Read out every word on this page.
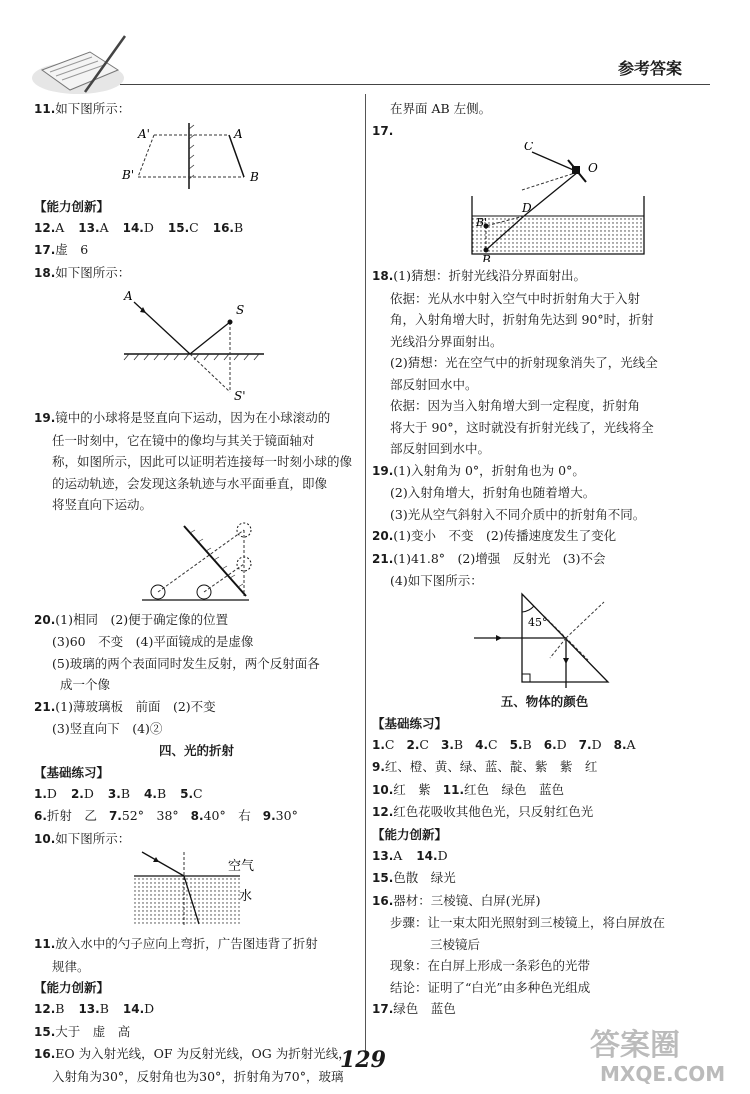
参考答案
11.如下图所示：
A'	A
B'	B
【能力创新】
12.A 13.A 14.D 15.C 16.B
17.虚　6
18.如下图所示：
A
S
S'
19.镜中的小球将是竖直向下运动，因为在小球滚动的
任一时刻中，它在镜中的像均与其关于镜面轴对
称，如图所示，因此可以证明若连接每一时刻小球的像
的运动轨迹，会发现这条轨迹与水平面垂直，即像
将竖直向下运动。
20.(1)相同　(2)便于确定像的位置
(3)60　不变　(4)平面镜成的是虚像
(5)玻璃的两个表面同时发生反射，两个反射面各
成一个像
21.(1)薄玻璃板　前面　(2)不变
(3)竖直向下　(4)②
四、光的折射
【基础练习】
1.D 2.D 3.B 4.B 5.C
6.折射　乙 7.52°　38° 8.40°　右 9.30°
10.如下图所示：
空气
水
11.放入水中的勺子应向上弯折，广告图违背了折射
规律。
【能力创新】
12.B 13.B 14.D
15.大于　虚　高
16.EO 为入射光线，OF 为反射光线，OG 为折射光线，
入射角为30°，反射角也为30°，折射角为70°，玻璃
在界面 AB 左侧。
17.
C
O
D
B'
B
18.(1)猜想：折射光线沿分界面射出。
依据：光从水中射入空气中时折射角大于入射
角，入射角增大时，折射角先达到 90°时，折射
光线沿分界面射出。
(2)猜想：光在空气中的折射现象消失了，光线全
部反射回水中。
依据：因为当入射角增大到一定程度，折射角
将大于 90°，这时就没有折射光线了，光线将全
部反射回到水中。
19.(1)入射角为 0°，折射角也为 0°。
(2)入射角增大，折射角也随着增大。
(3)光从空气斜射入不同介质中的折射角不同。
20.(1)变小　不变　(2)传播速度发生了变化
21.(1)41.8°　(2)增强　反射光　(3)不会
(4)如下图所示：
45°
五、物体的颜色
【基础练习】
1.C 2.C 3.B 4.C 5.B 6.D 7.D 8.A
9.红、橙、黄、绿、蓝、靛、紫　紫　红
10.红　紫 11.红色　绿色　蓝色
12.红色花吸收其他色光，只反射红色光
【能力创新】
13.A 14.D
15.色散　绿光
16.器材：三棱镜、白屏(光屏)
步骤：让一束太阳光照射到三棱镜上，将白屏放在
三棱镜后
现象：在白屏上形成一条彩色的光带
结论：证明了“白光”由多种色光组成
17.绿色　蓝色
129	答案圈
MXQE.COM
